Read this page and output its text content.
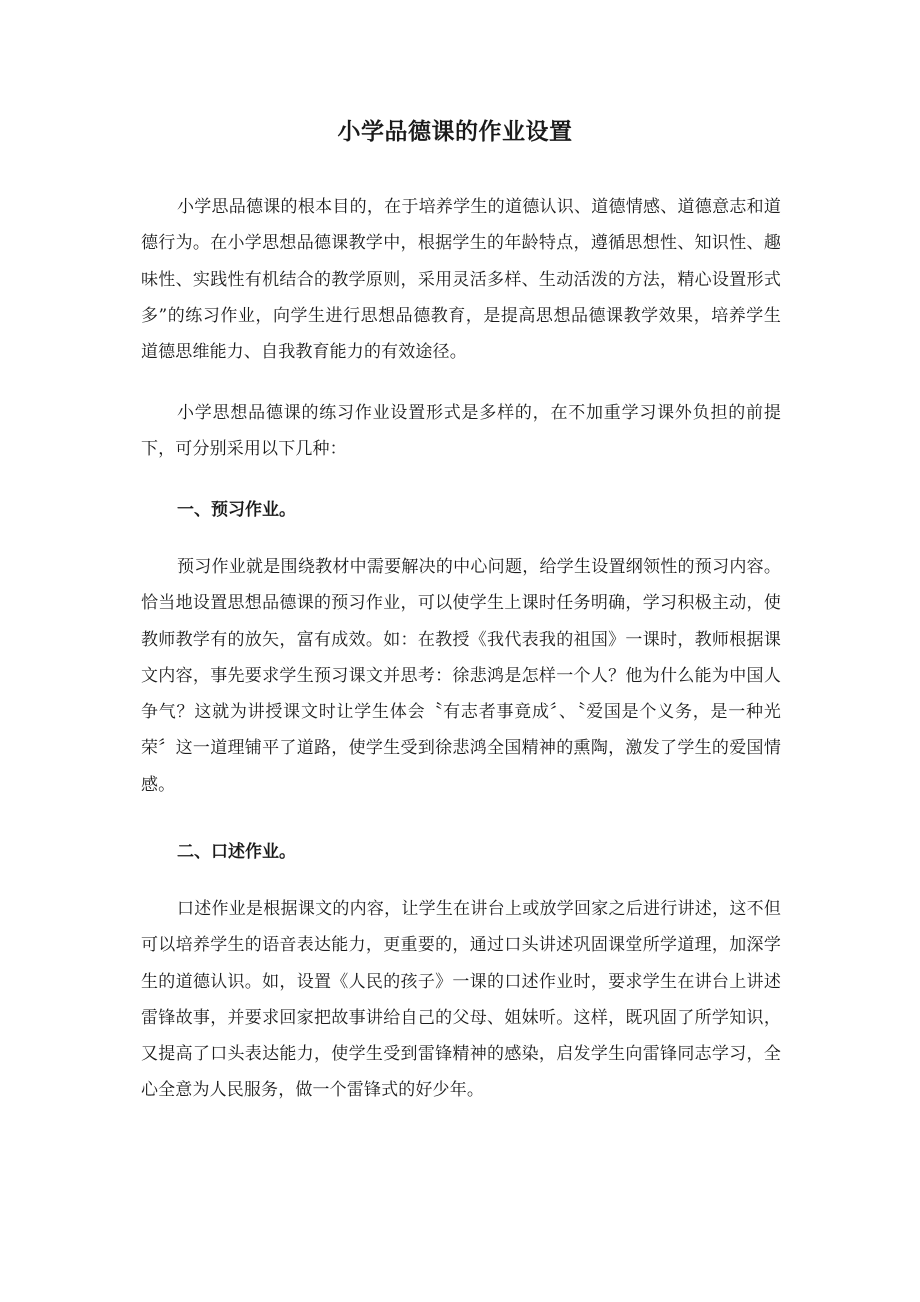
小学品德课的作业设置

小学思品德课的根本目的，在于培养学生的道德认识、道德情感、道德意志和道德行为。在小学思想品德课教学中，根据学生的年龄特点，遵循思想性、知识性、趣味性、实践性有机结合的教学原则，采用灵活多样、生动活泼的方法，精心设置形式多”的练习作业，向学生进行思想品德教育，是提高思想品德课教学效果，培养学生道德思维能力、自我教育能力的有效途径。

小学思想品德课的练习作业设置形式是多样的，在不加重学习课外负担的前提下，可分别采用以下几种：

一、预习作业。

预习作业就是围绕教材中需要解决的中心问题，给学生设置纲领性的预习内容。恰当地设置思想品德课的预习作业，可以使学生上课时任务明确，学习积极主动，使教师教学有的放矢，富有成效。如：在教授《我代表我的祖国》一课时，教师根据课文内容，事先要求学生预习课文并思考：徐悲鸿是怎样一个人？他为什么能为中国人争气？这就为讲授课文时让学生体会〝有志者事竟成〞、〝爱国是个义务，是一种光荣〞这一道理铺平了道路，使学生受到徐悲鸿全国精神的熏陶，激发了学生的爱国情感。

二、口述作业。

口述作业是根据课文的内容，让学生在讲台上或放学回家之后进行讲述，这不但可以培养学生的语音表达能力，更重要的，通过口头讲述巩固课堂所学道理，加深学生的道德认识。如，设置《人民的孩子》一课的口述作业时，要求学生在讲台上讲述雷锋故事，并要求回家把故事讲给自己的父母、姐妹听。这样，既巩固了所学知识，又提高了口头表达能力，使学生受到雷锋精神的感染，启发学生向雷锋同志学习，全心全意为人民服务，做一个雷锋式的好少年。
